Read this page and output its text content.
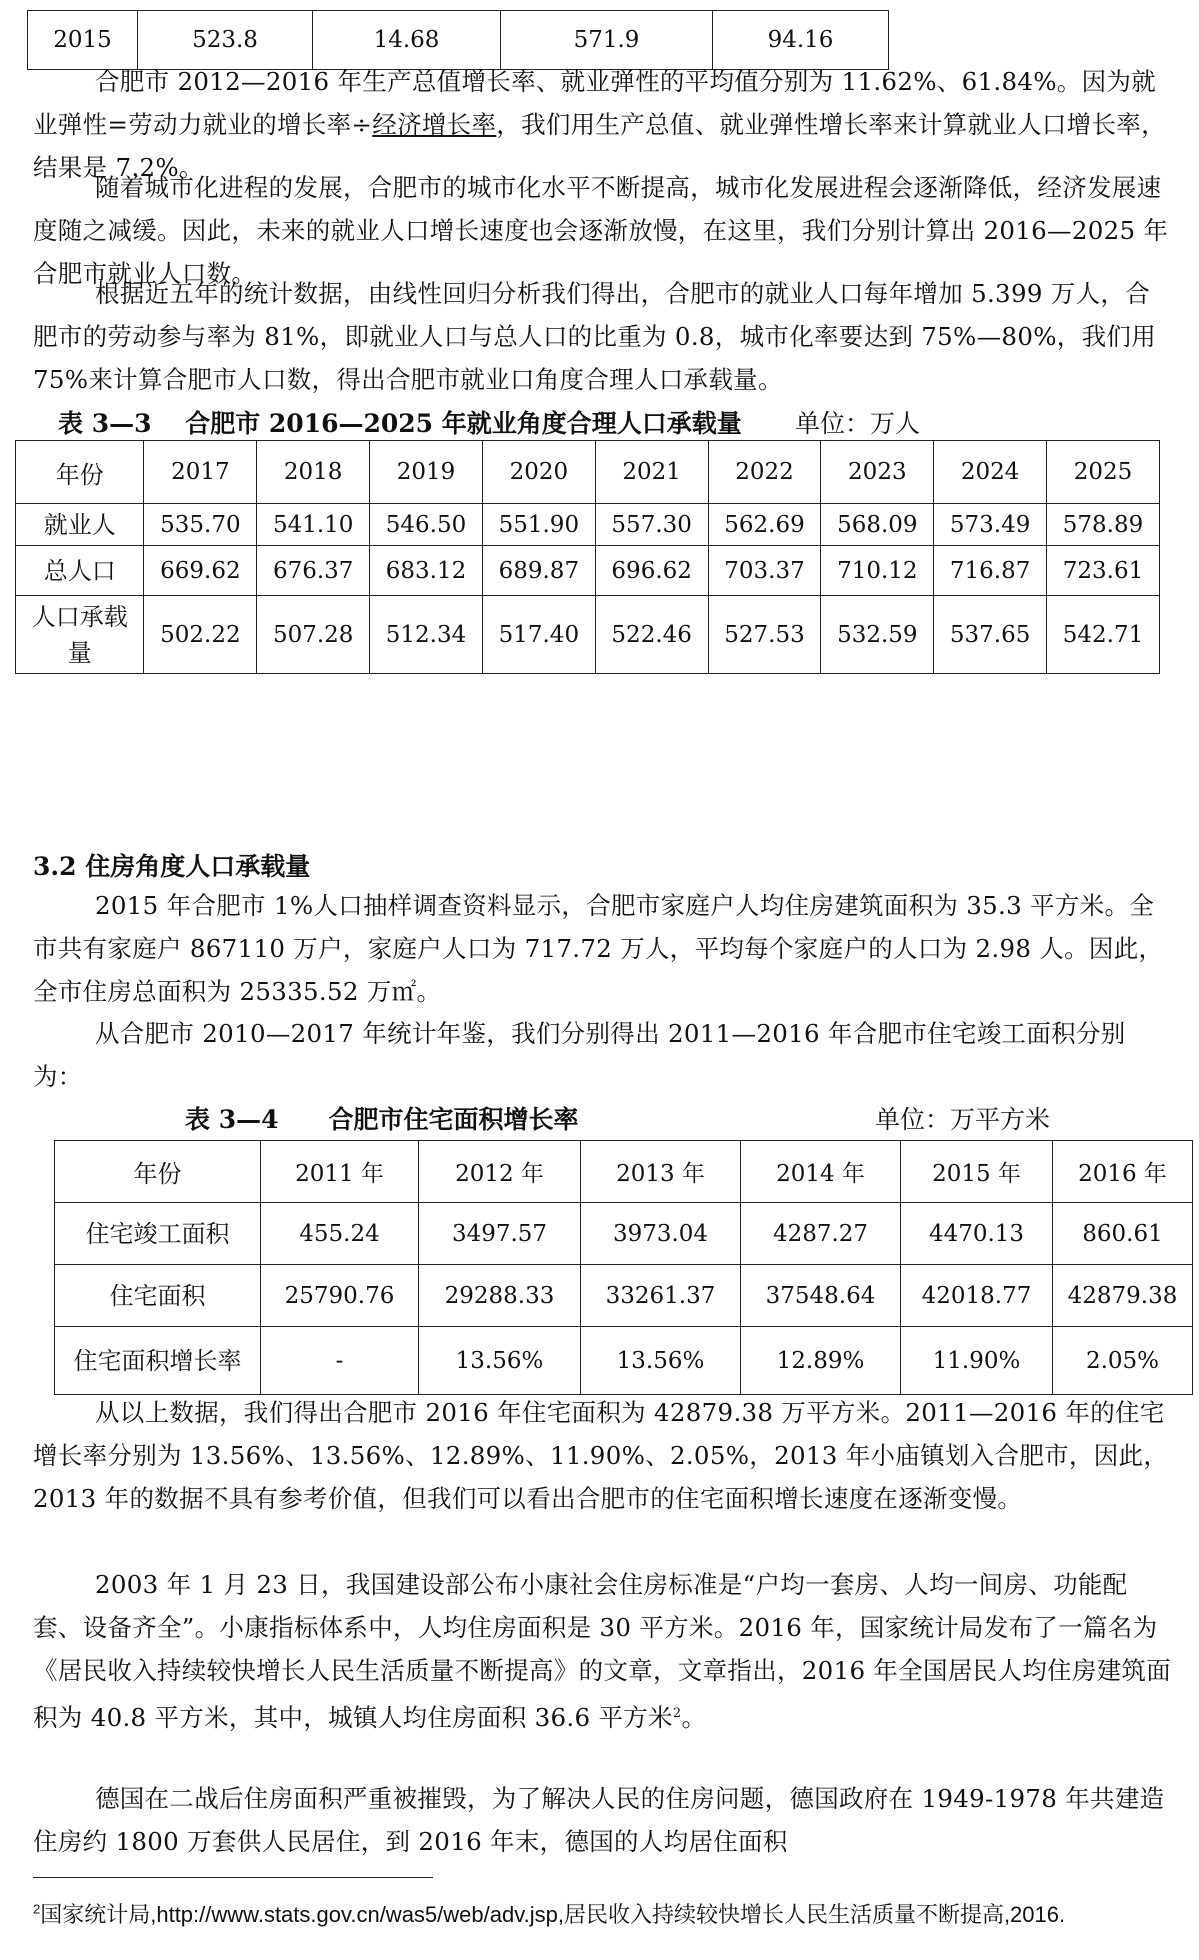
2015	523.8	14.68	571.9	94.16
合肥市 2012—2016 年生产总值增长率、就业弹性的平均值分别为 11.62%、61.84%。因为就业弹性=劳动力就业的增长率÷经济增长率，我们用生产总值、就业弹性增长率来计算就业人口增长率，结果是 7.2%。
随着城市化进程的发展，合肥市的城市化水平不断提高，城市化发展进程会逐渐降低，经济发展速度随之减缓。因此，未来的就业人口增长速度也会逐渐放慢，在这里，我们分别计算出 2016—2025 年合肥市就业人口数。
根据近五年的统计数据，由线性回归分析我们得出，合肥市的就业人口每年增加 5.399 万人，合肥市的劳动参与率为 81%，即就业人口与总人口的比重为 0.8，城市化率要达到 75%—80%，我们用 75%来计算合肥市人口数，得出合肥市就业口角度合理人口承载量。
表 3—3　 合肥市 2016—2025 年就业角度合理人口承载量 单位：万人
年份	2017	2018	2019	2020	2021	2022	2023	2024	2025
就业人	535.70	541.10	546.50	551.90	557.30	562.69	568.09	573.49	578.89
总人口	669.62	676.37	683.12	689.87	696.62	703.37	710.12	716.87	723.61
人口承载量	502.22	507.28	512.34	517.40	522.46	527.53	532.59	537.65	542.71
3.2 住房角度人口承载量
2015 年合肥市 1%人口抽样调查资料显示，合肥市家庭户人均住房建筑面积为 35.3 平方米。全市共有家庭户 867110 万户，家庭户人口为 717.72 万人，平均每个家庭户的人口为 2.98 人。因此，全市住房总面积为 25335.52 万㎡。
从合肥市 2010—2017 年统计年鉴，我们分别得出 2011—2016 年合肥市住宅竣工面积分别为：
表 3—4　　合肥市住宅面积增长率	单位：万平方米
年份	2011 年	2012 年	2013 年	2014 年	2015 年	2016 年
住宅竣工面积	455.24	3497.57	3973.04	4287.27	4470.13	860.61
住宅面积	25790.76	29288.33	33261.37	37548.64	42018.77	42879.38
住宅面积增长率	-	13.56%	13.56%	12.89%	11.90%	2.05%
从以上数据，我们得出合肥市 2016 年住宅面积为 42879.38 万平方米。2011—2016 年的住宅增长率分别为 13.56%、13.56%、12.89%、11.90%、2.05%，2013 年小庙镇划入合肥市，因此，2013 年的数据不具有参考价值，但我们可以看出合肥市的住宅面积增长速度在逐渐变慢。
2003 年 1 月 23 日，我国建设部公布小康社会住房标准是“户均一套房、人均一间房、功能配套、设备齐全”。小康指标体系中，人均住房面积是 30 平方米。2016 年，国家统计局发布了一篇名为《居民收入持续较快增长人民生活质量不断提高》的文章，文章指出，2016 年全国居民人均住房建筑面积为 40.8 平方米，其中，城镇人均住房面积 36.6 平方米$^2$。
德国在二战后住房面积严重被摧毁，为了解决人民的住房问题，德国政府在 1949-1978 年共建造住房约 1800 万套供人民居住，到 2016 年末，德国的人均居住面积
$^2$国家统计局,http://www.stats.gov.cn/was5/web/adv.jsp,居民收入持续较快增长人民生活质量不断提高,2016.
